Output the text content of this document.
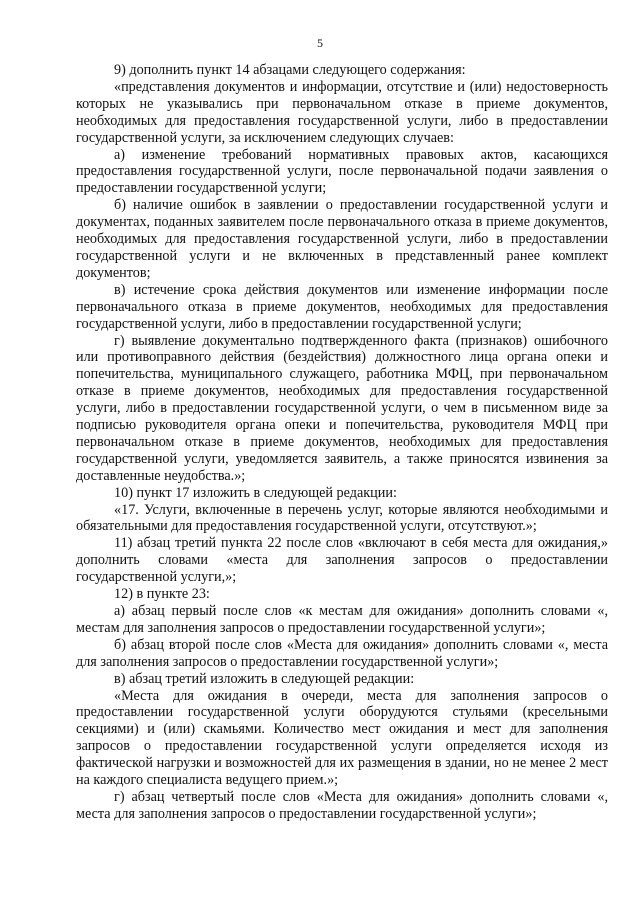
5

9) дополнить пункт 14 абзацами следующего содержания:

«представления документов и информации, отсутствие и (или) недостоверность которых не указывались при первоначальном отказе в приеме документов, необходимых для предоставления государственной услуги, либо в предоставлении государственной услуги, за исключением следующих случаев:

а) изменение требований нормативных правовых актов, касающихся предоставления государственной услуги, после первоначальной подачи заявления о предоставлении государственной услуги;

б) наличие ошибок в заявлении о предоставлении государственной услуги и документах, поданных заявителем после первоначального отказа в приеме документов, необходимых для предоставления государственной услуги, либо в предоставлении государственной услуги и не включенных в представленный ранее комплект документов;

в) истечение срока действия документов или изменение информации после первоначального отказа в приеме документов, необходимых для предоставления государственной услуги, либо в предоставлении государственной услуги;

г) выявление документально подтвержденного факта (признаков) ошибочного или противоправного действия (бездействия) должностного лица органа опеки и попечительства, муниципального служащего, работника МФЦ, при первоначальном отказе в приеме документов, необходимых для предоставления государственной услуги, либо в предоставлении государственной услуги, о чем в письменном виде за подписью руководителя органа опеки и попечительства, руководителя МФЦ при первоначальном отказе в приеме документов, необходимых для предоставления государственной услуги, уведомляется заявитель, а также приносятся извинения за доставленные неудобства.»;

10) пункт 17 изложить в следующей редакции:

«17. Услуги, включенные в перечень услуг, которые являются необходимыми и обязательными для предоставления государственной услуги, отсутствуют.»;

11) абзац третий пункта 22 после слов «включают в себя места для ожидания,» дополнить словами «места для заполнения запросов о предоставлении государственной услуги,»;

12) в пункте 23:

а) абзац первый после слов «к местам для ожидания» дополнить словами «, местам для заполнения запросов о предоставлении государственной услуги»;

б) абзац второй после слов «Места для ожидания» дополнить словами «, места для заполнения запросов о предоставлении государственной услуги»;

в) абзац третий изложить в следующей редакции:

«Места для ожидания в очереди, места для заполнения запросов о предоставлении государственной услуги оборудуются стульями (кресельными секциями) и (или) скамьями. Количество мест ожидания и мест для заполнения запросов о предоставлении государственной услуги определяется исходя из фактической нагрузки и возможностей для их размещения в здании, но не менее 2 мест на каждого специалиста ведущего прием.»;

г) абзац четвертый после слов «Места для ожидания» дополнить словами «, места для заполнения запросов о предоставлении государственной услуги»;
